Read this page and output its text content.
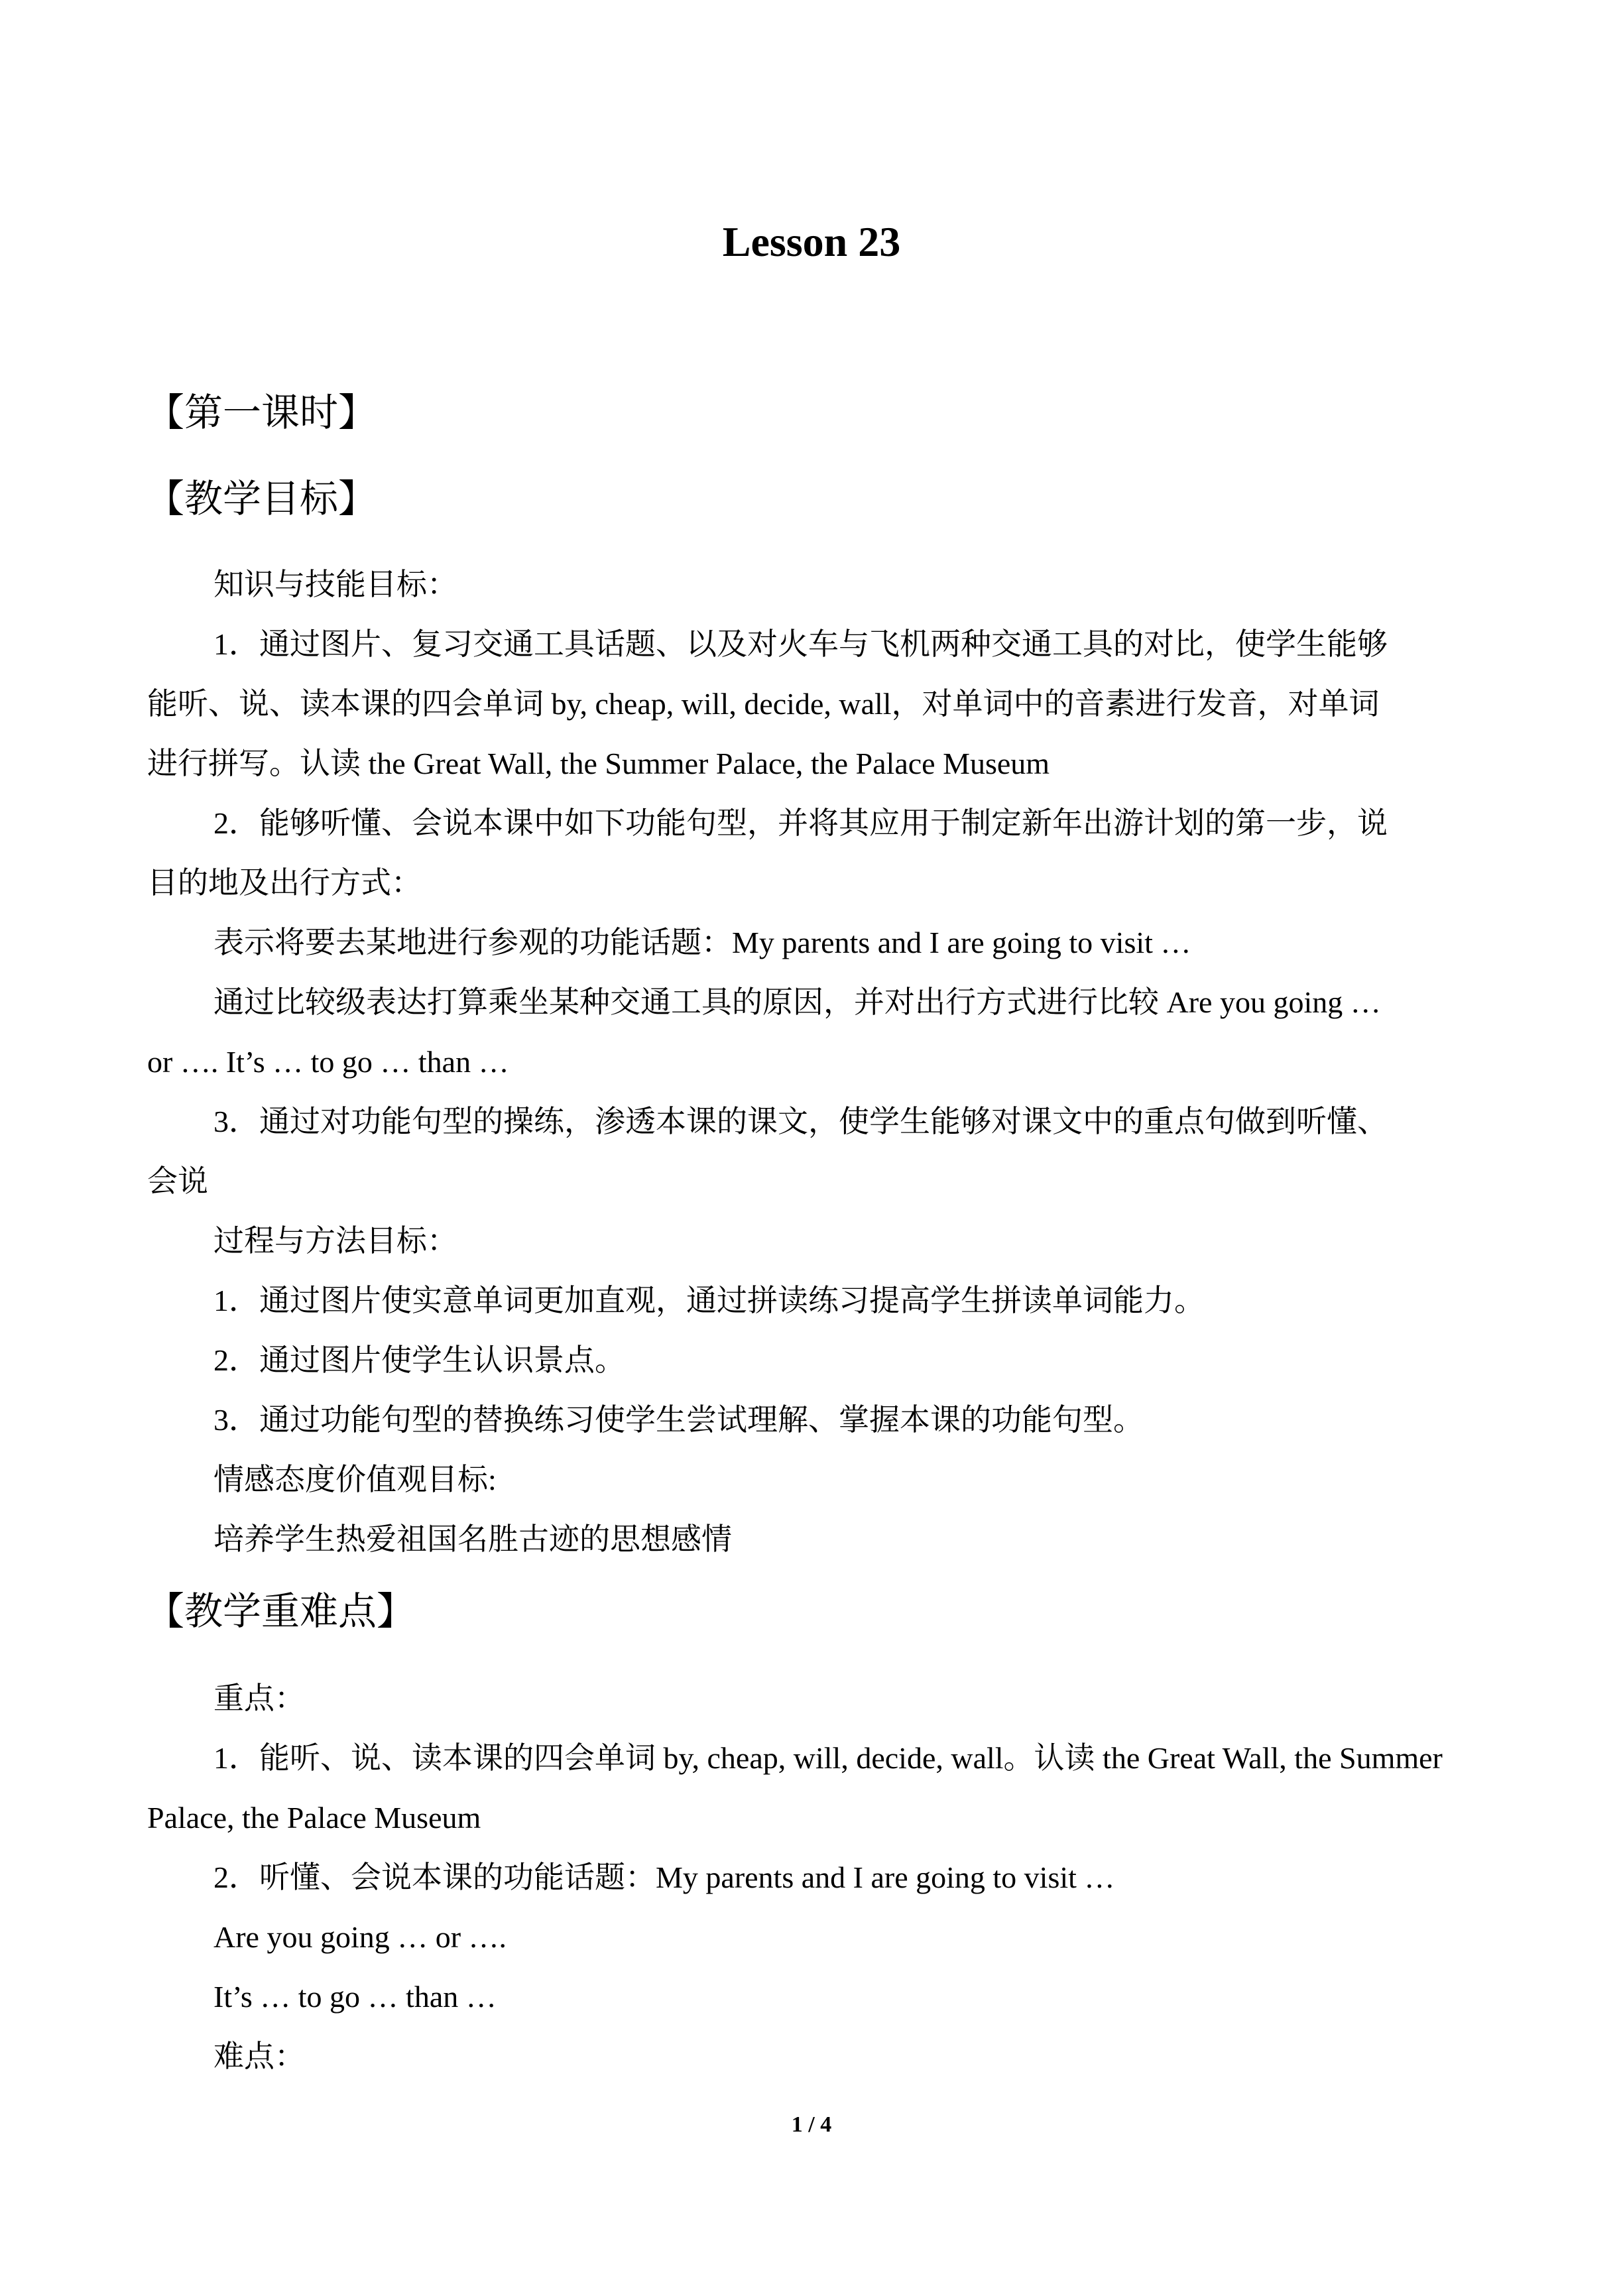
Lesson 23
【第一课时】
【教学目标】
知识与技能目标：
1．通过图片、复习交通工具话题、以及对火车与飞机两种交通工具的对比，使学生能够
能听、说、读本课的四会单词 by, cheap, will, decide, wall，对单词中的音素进行发音，对单词
进行拼写。认读 the Great Wall, the Summer Palace, the Palace Museum
2．能够听懂、会说本课中如下功能句型，并将其应用于制定新年出游计划的第一步，说
目的地及出行方式：
表示将要去某地进行参观的功能话题：My parents and I are going to visit …
通过比较级表达打算乘坐某种交通工具的原因，并对出行方式进行比较 Are you going …
or …. It’s … to go … than …
3．通过对功能句型的操练，渗透本课的课文，使学生能够对课文中的重点句做到听懂、
会说
过程与方法目标：
1．通过图片使实意单词更加直观，通过拼读练习提高学生拼读单词能力。
2．通过图片使学生认识景点。
3．通过功能句型的替换练习使学生尝试理解、掌握本课的功能句型。
情感态度价值观目标:
培养学生热爱祖国名胜古迹的思想感情
【教学重难点】
重点：
1．能听、说、读本课的四会单词 by, cheap, will, decide, wall。认读 the Great Wall, the Summer
Palace, the Palace Museum
2．听懂、会说本课的功能话题：My parents and I are going to visit …
Are you going … or ….
It’s … to go … than …
难点：
1 / 4
